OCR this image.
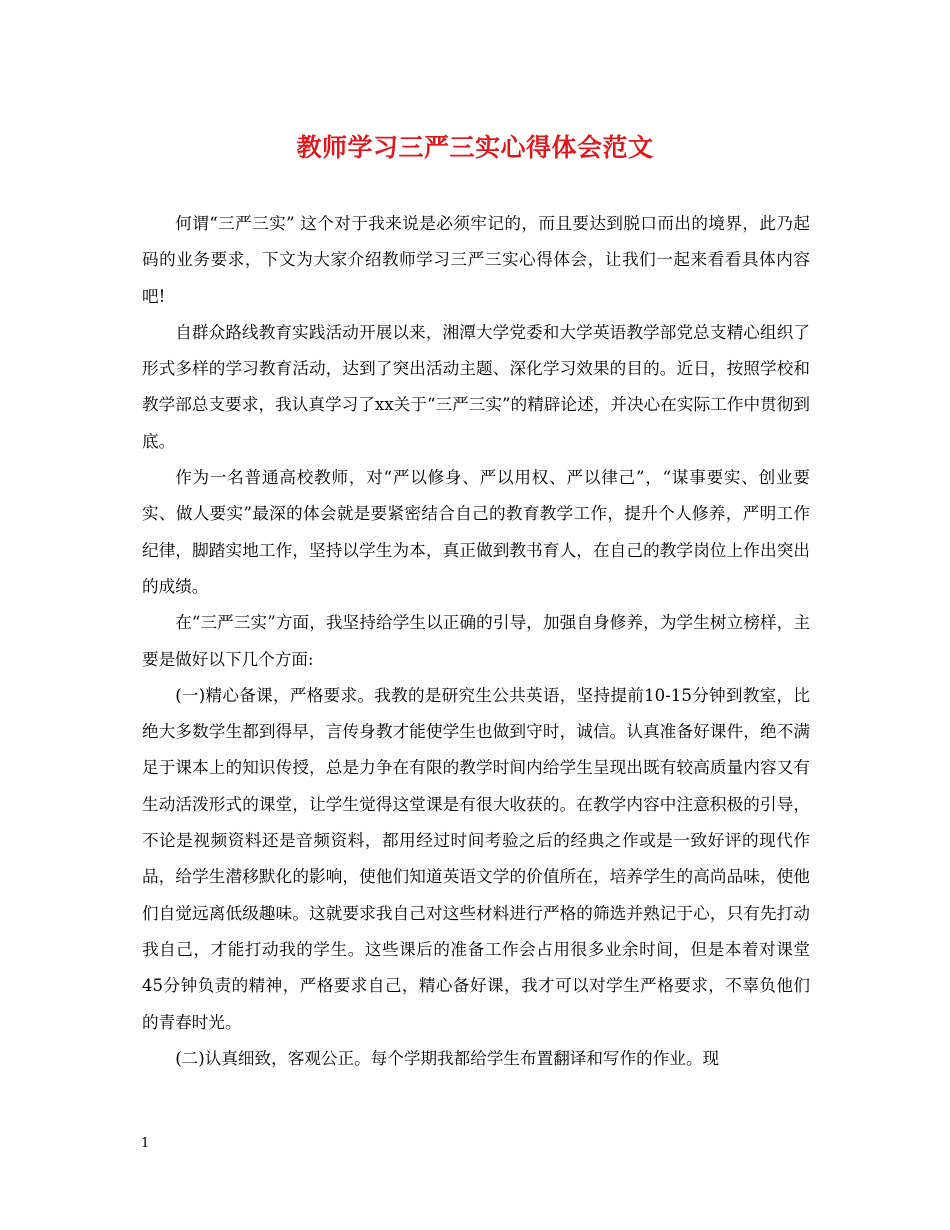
教师学习三严三实心得体会范文

何谓“三严三实” 这个对于我来说是必须牢记的，而且要达到脱口而出的境界，此乃起码的业务要求，下文为大家介绍教师学习三严三实心得体会，让我们一起来看看具体内容吧!

自群众路线教育实践活动开展以来，湘潭大学党委和大学英语教学部党总支精心组织了形式多样的学习教育活动，达到了突出活动主题、深化学习效果的目的。近日，按照学校和教学部总支要求，我认真学习了xx关于“三严三实”的精辟论述，并决心在实际工作中贯彻到底。

作为一名普通高校教师，对“严以修身、严以用权、严以律己”，“谋事要实、创业要实、做人要实”最深的体会就是要紧密结合自己的教育教学工作，提升个人修养，严明工作纪律，脚踏实地工作，坚持以学生为本，真正做到教书育人，在自己的教学岗位上作出突出的成绩。

在“三严三实”方面，我坚持给学生以正确的引导，加强自身修养，为学生树立榜样，主要是做好以下几个方面:

(一)精心备课，严格要求。我教的是研究生公共英语，坚持提前10-15分钟到教室，比绝大多数学生都到得早，言传身教才能使学生也做到守时，诚信。认真准备好课件，绝不满足于课本上的知识传授，总是力争在有限的教学时间内给学生呈现出既有较高质量内容又有生动活泼形式的课堂，让学生觉得这堂课是有很大收获的。在教学内容中注意积极的引导，不论是视频资料还是音频资料，都用经过时间考验之后的经典之作或是一致好评的现代作品，给学生潜移默化的影响，使他们知道英语文学的价值所在，培养学生的高尚品味，使他们自觉远离低级趣味。这就要求我自己对这些材料进行严格的筛选并熟记于心，只有先打动我自己，才能打动我的学生。这些课后的准备工作会占用很多业余时间，但是本着对课堂45分钟负责的精神，严格要求自己，精心备好课，我才可以对学生严格要求，不辜负他们的青春时光。

(二)认真细致，客观公正。每个学期我都给学生布置翻译和写作的作业。现

1
